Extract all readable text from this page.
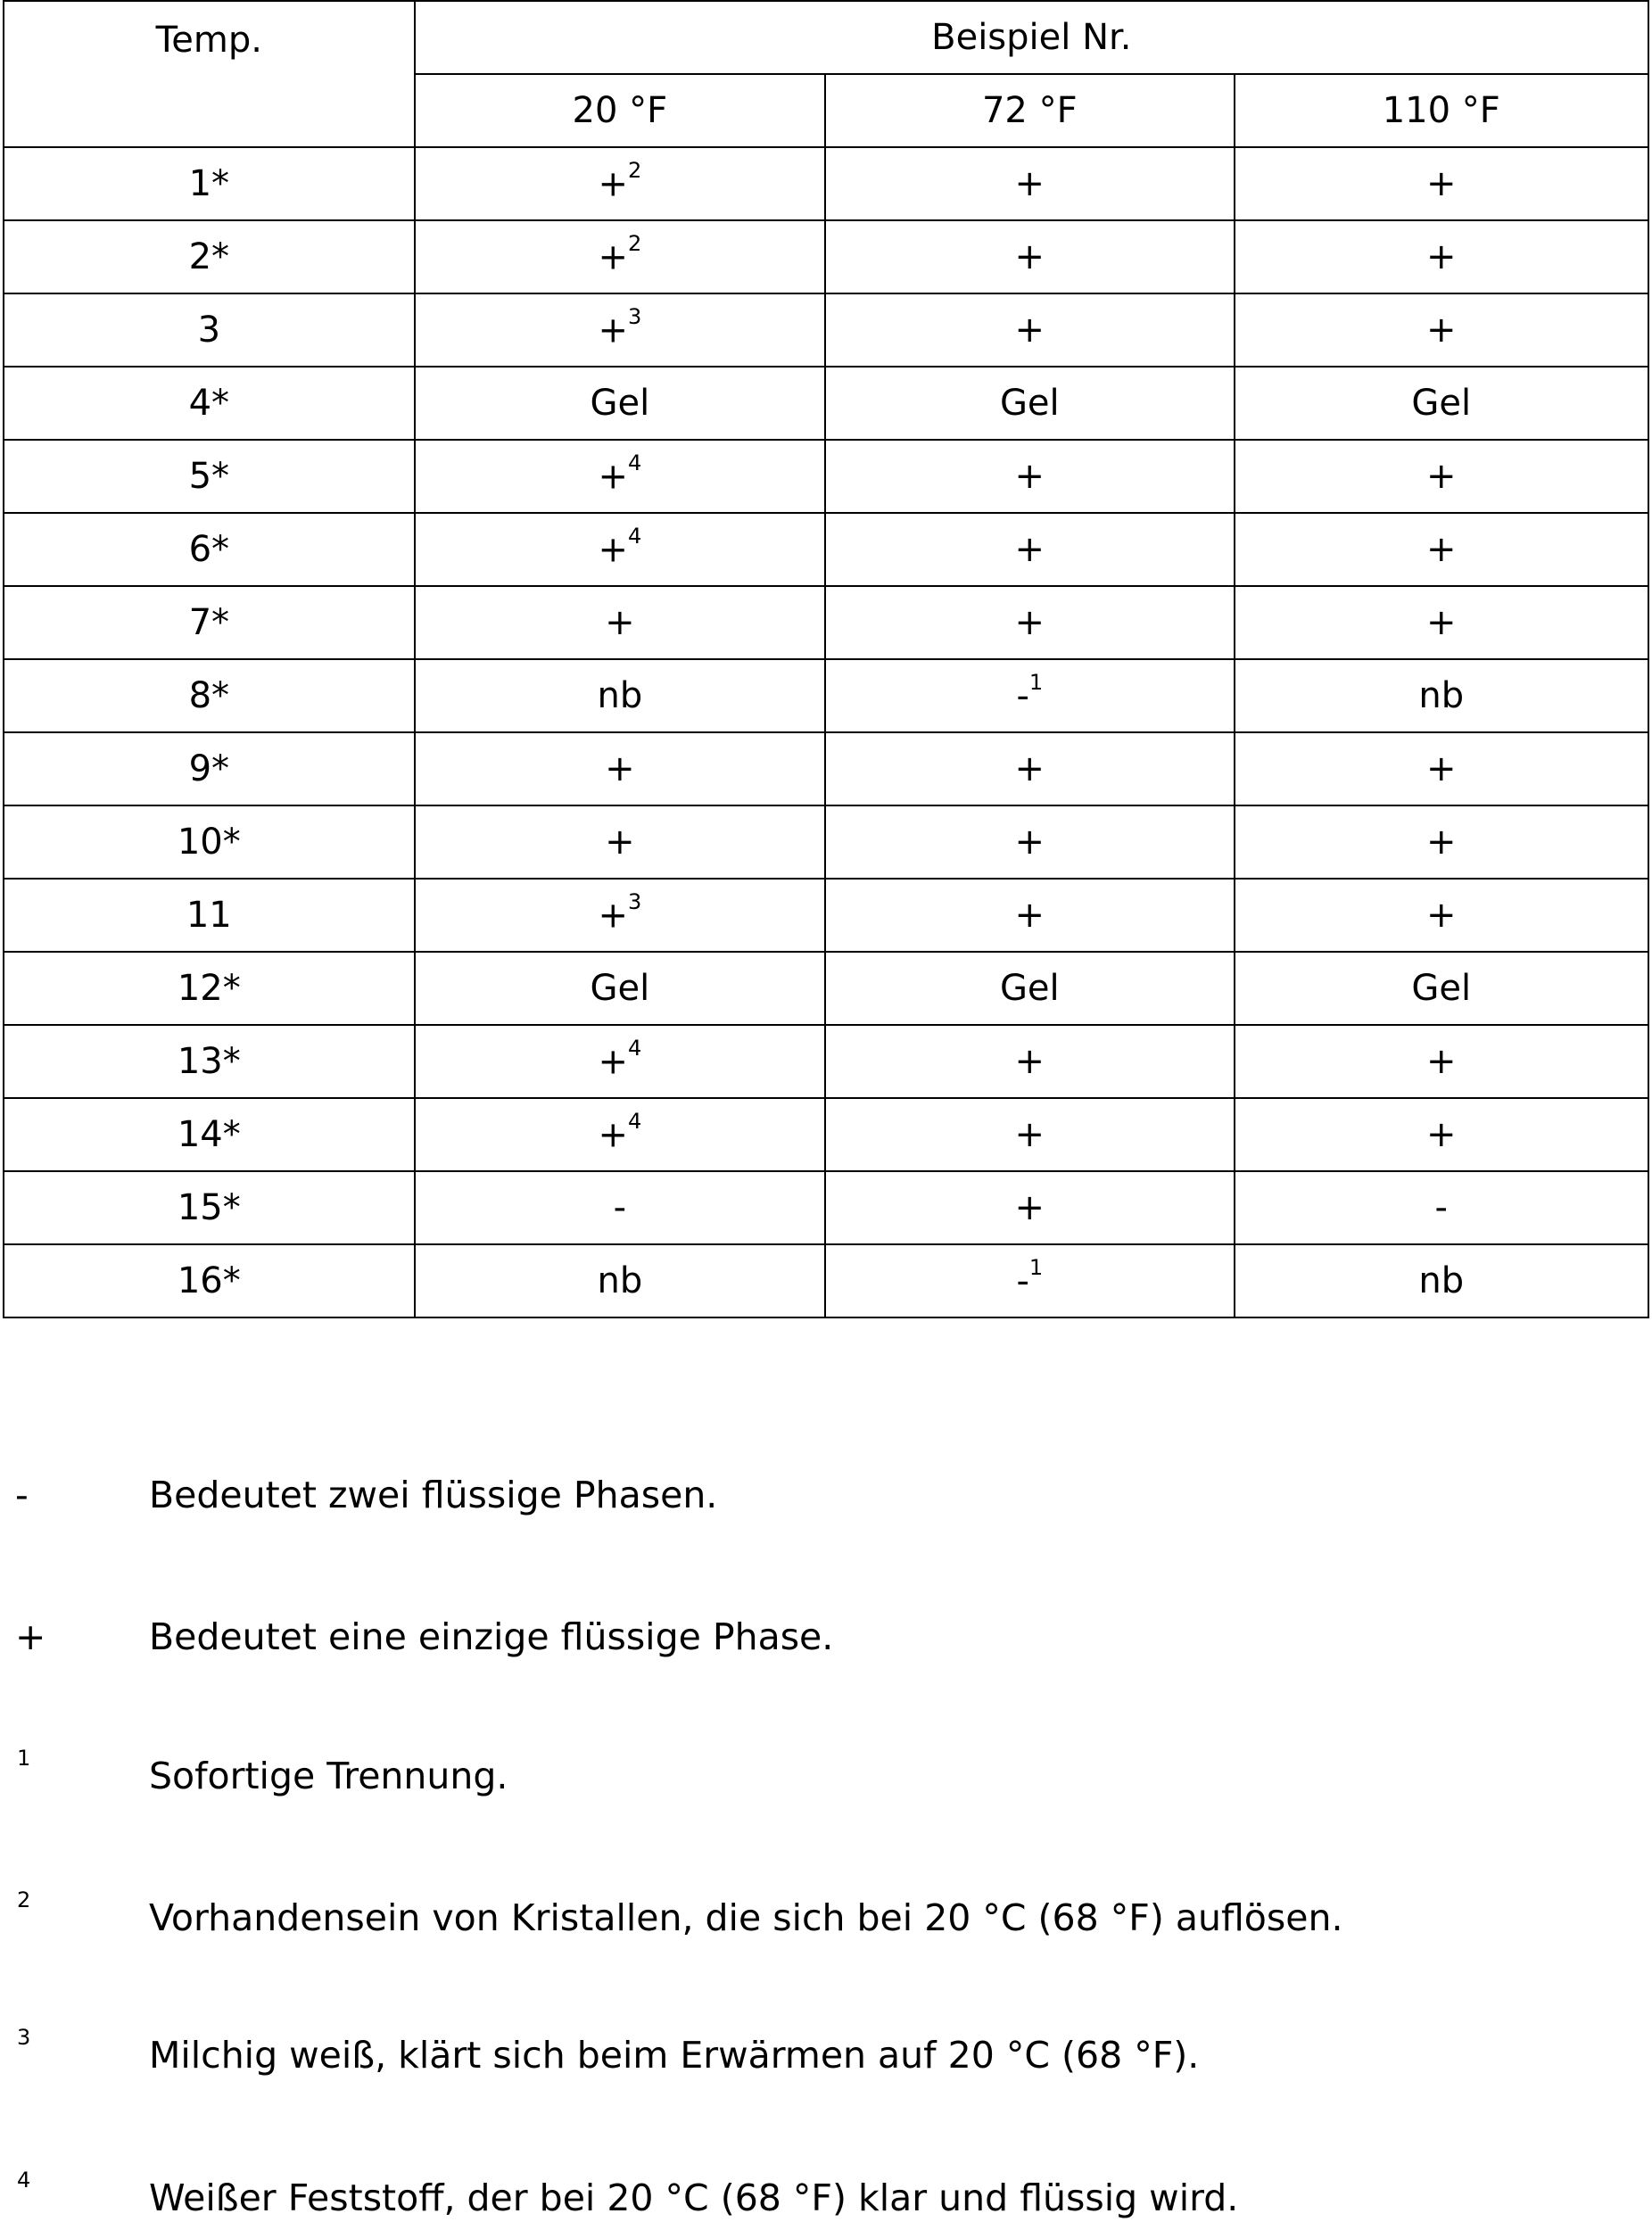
Temp.	Beispiel Nr.
20 °F	72 °F	110 °F
1*	+2	+	+
2*	+2	+	+
3	+3	+	+
4*	Gel	Gel	Gel
5*	+4	+	+
6*	+4	+	+
7*	+	+	+
8*	nb	-1	nb
9*	+	+	+
10*	+	+	+
11	+3	+	+
12*	Gel	Gel	Gel
13*	+4	+	+
14*	+4	+	+
15*	-	+	-
16*	nb	-1	nb
-	Bedeutet zwei flüssige Phasen.
+	Bedeutet eine einzige flüssige Phase.
1	Sofortige Trennung.
2	Vorhandensein von Kristallen, die sich bei 20 °C (68 °F) auflösen.
3	Milchig weiß, klärt sich beim Erwärmen auf 20 °C (68 °F).
4	Weißer Feststoff, der bei 20 °C (68 °F) klar und flüssig wird.
